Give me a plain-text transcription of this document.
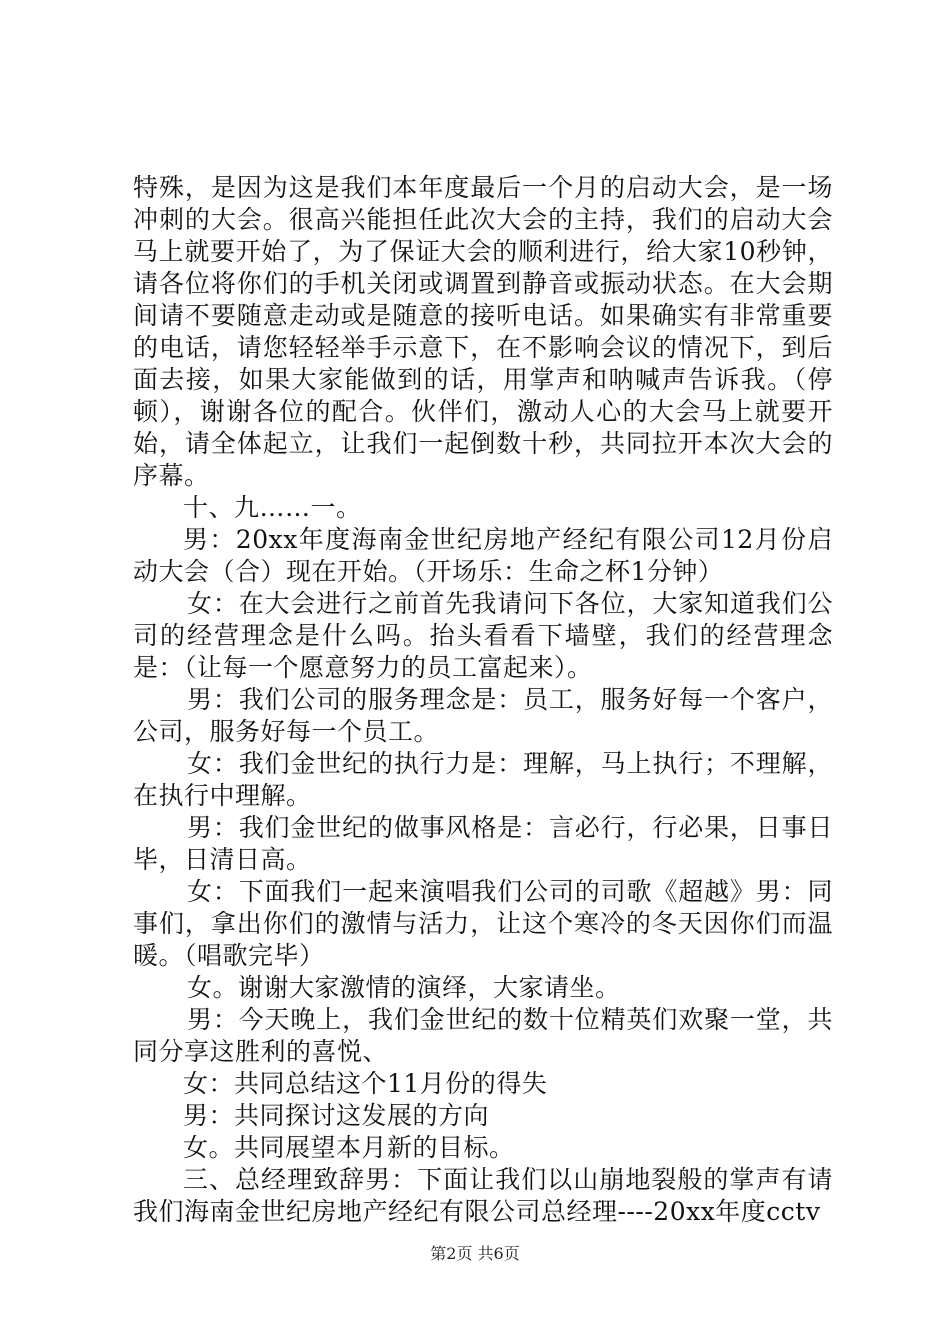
特殊，是因为这是我们本年度最后一个月的启动大会，是一场冲刺的大会。很高兴能担任此次大会的主持，我们的启动大会马上就要开始了，为了保证大会的顺利进行，给大家10秒钟，请各位将你们的手机关闭或调置到静音或振动状态。在大会期间请不要随意走动或是随意的接听电话。如果确实有非常重要的电话，请您轻轻举手示意下，在不影响会议的情况下，到后面去接，如果大家能做到的话，用掌声和呐喊声告诉我。（停顿），谢谢各位的配合。伙伴们，激动人心的大会马上就要开始，请全体起立，让我们一起倒数十秒，共同拉开本次大会的序幕。

十、九……一。

男：20xx年度海南金世纪房地产经纪有限公司12月份启动大会（合）现在开始。（开场乐：生命之杯1分钟）

女：在大会进行之前首先我请问下各位，大家知道我们公司的经营理念是什么吗。抬头看看下墙壁，我们的经营理念是：（让每一个愿意努力的员工富起来）。

男：我们公司的服务理念是：员工，服务好每一个客户，公司，服务好每一个员工。

女：我们金世纪的执行力是：理解，马上执行；不理解，在执行中理解。

男：我们金世纪的做事风格是：言必行，行必果，日事日毕，日清日高。

女：下面我们一起来演唱我们公司的司歌《超越》男：同事们，拿出你们的激情与活力，让这个寒冷的冬天因你们而温暖。（唱歌完毕）

女。谢谢大家激情的演绎，大家请坐。

男：今天晚上，我们金世纪的数十位精英们欢聚一堂，共同分享这胜利的喜悦、

女：共同总结这个11月份的得失

男：共同探讨这发展的方向

女。共同展望本月新的目标。

三、总经理致辞男：下面让我们以山崩地裂般的掌声有请我们海南金世纪房地产经纪有限公司总经理----20xx年度cctv

第2页 共6页
